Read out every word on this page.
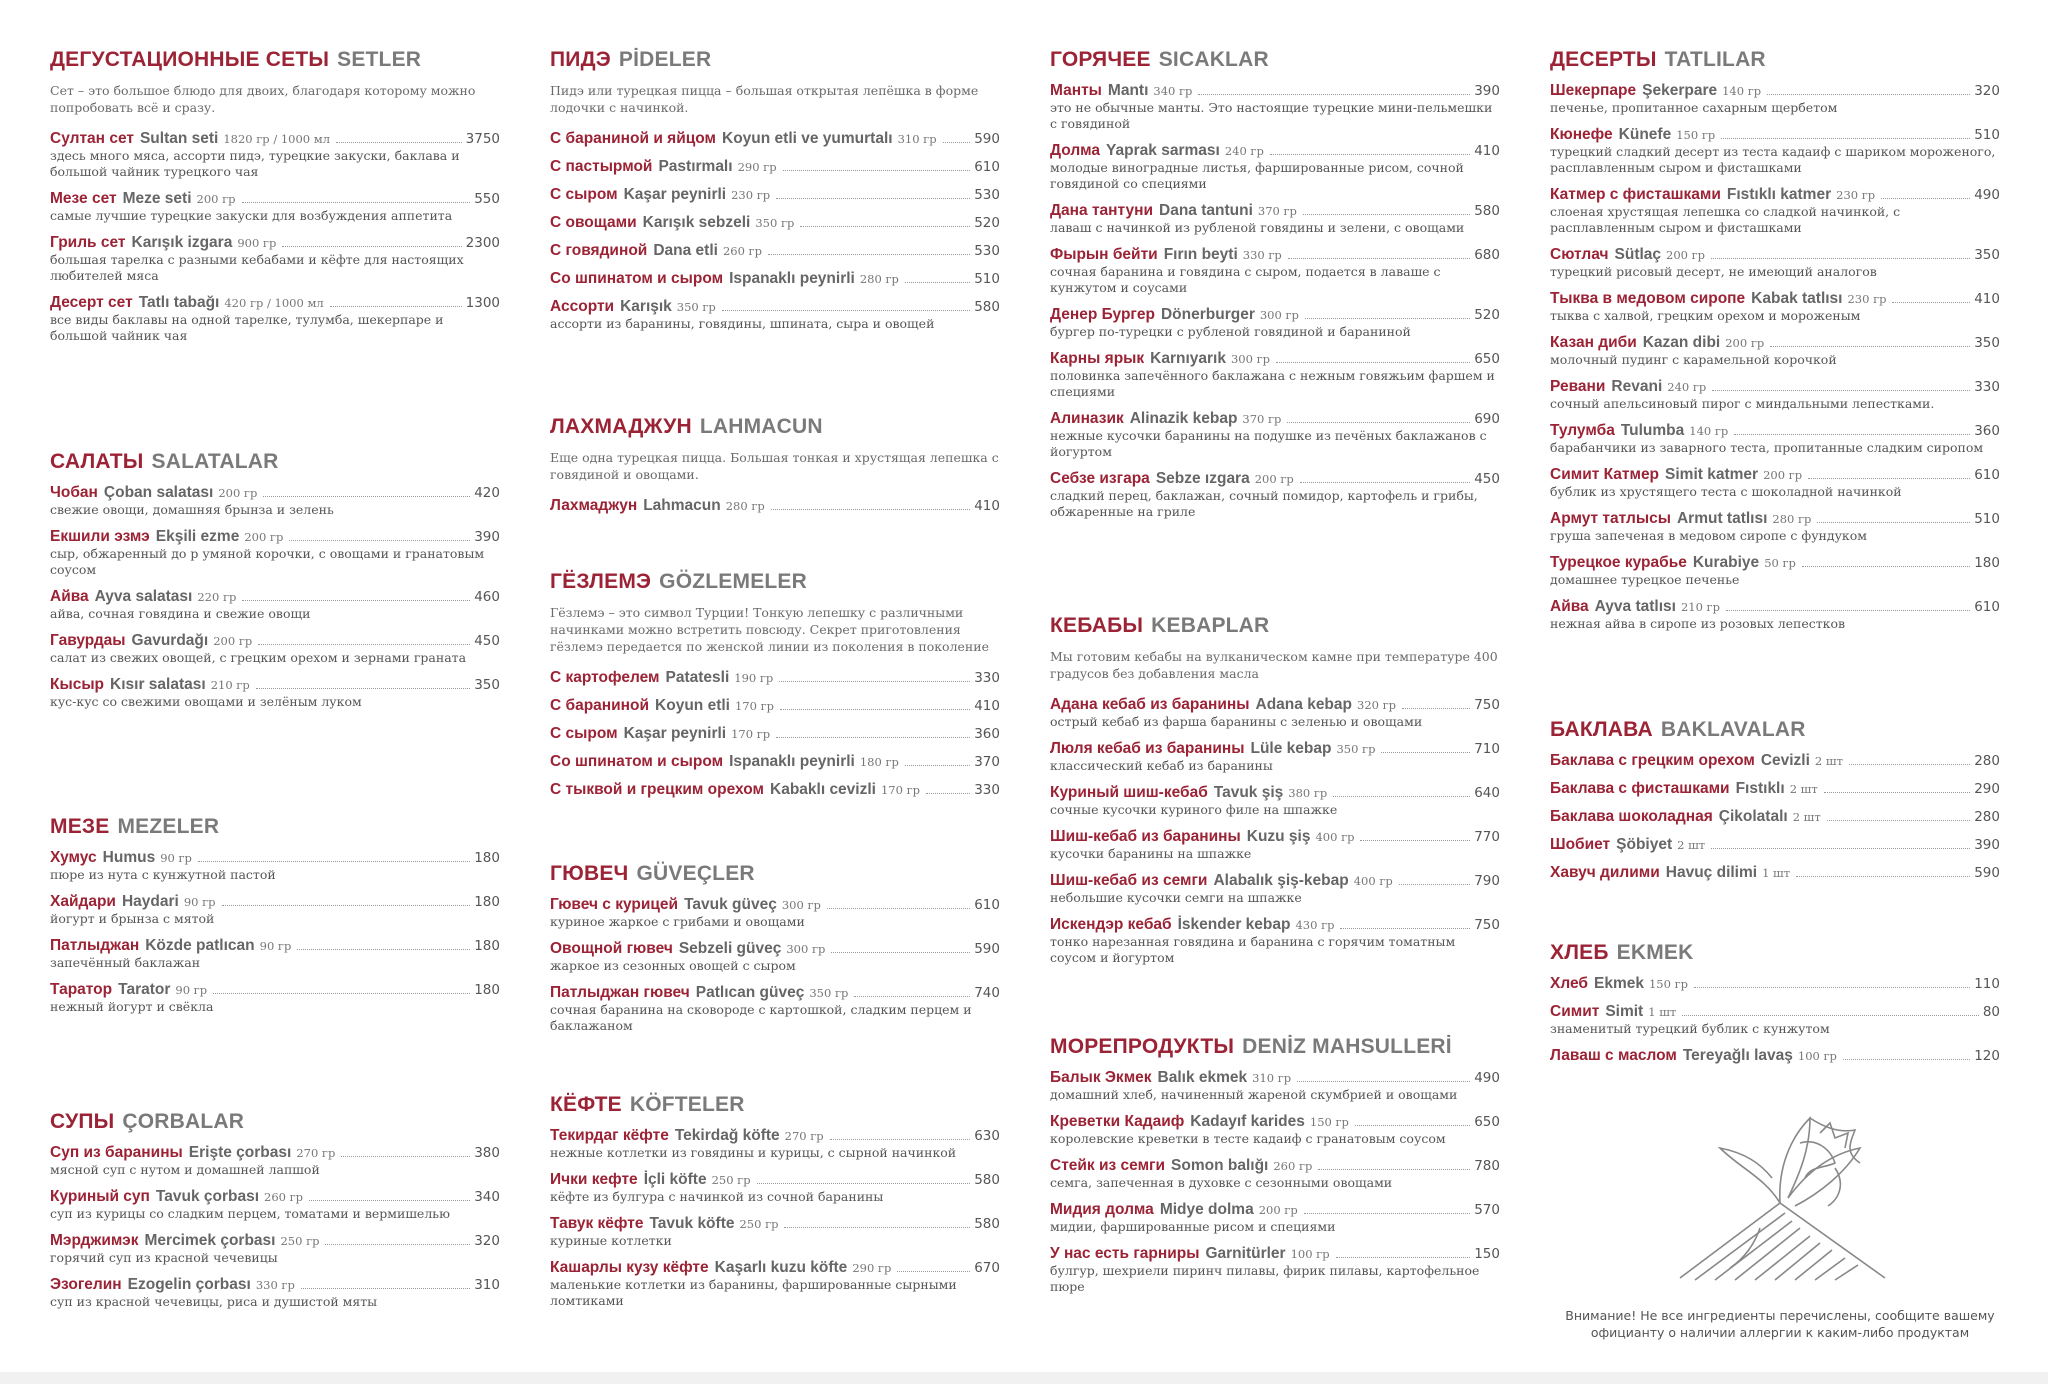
ДЕГУСТАЦИОННЫЕ СЕТЫ SETLER
Сет – это большое блюдо для двоих, благодаря которому можно попробовать всё и сразу.
Султан сет Sultan seti 1820 гр / 1000 мл	3750
здесь много мяса, ассорти пидэ, турецкие закуски, баклава и большой чайник турецкого чая
Мезе сет Meze seti 200 гр	550
самые лучшие турецкие закуски для возбуждения аппетита
Гриль сет Karışık izgara 900 гр	2300
большая тарелка с разными кебабами и кёфте для настоящих любителей мяса
Десерт сет Tatlı tabağı 420 гр / 1000 мл	1300
все виды баклавы на одной тарелке, тулумба, шекерпаре и большой чайник чая
САЛАТЫ SALATALAR
Чобан Çoban salatası 200 гр	420
свежие овощи, домашняя брынза и зелень
Екшили эзмэ Ekşili ezme 200 гр	390
сыр, обжаренный до р умяной корочки, с овощами и гранатовым соусом
Айва Ayva salatası 220 гр	460
айва, сочная говядина и свежие овощи
Гавурдаы Gavurdağı 200 гр	450
салат из свежих овощей, с грецким орехом и зернами граната
Кысыр Kısır salatası 210 гр	350
кус-кус со свежими овощами и зелёным луком
МЕЗЕ MEZELER
Хумус Humus 90 гр	180
пюре из нута с кунжутной пастой
Хайдари Haydari 90 гр	180
йогурт и брынза с мятой
Патлыджан Közde patlıcan 90 гр	180
запечённый баклажан
Таратор Tarator 90 гр	180
нежный йогурт и свёкла
СУПЫ ÇORBALAR
Суп из баранины Erişte çorbası 270 гр	380
мясной суп с нутом и домашней лапшой
Куриный суп Tavuk çorbası 260 гр	340
суп из курицы со сладким перцем, томатами и вермишелью
Мэрджимэк Mercimek çorbası 250 гр	320
горячий суп из красной чечевицы
Эзогелин Ezogelin çorbası 330 гр	310
суп из красной чечевицы, риса и душистой мяты
ПИДЭ PİDELER
Пидэ или турецкая пицца – большая открытая лепёшка в форме лодочки с начинкой.
С бараниной и яйцом Koyun etli ve yumurtalı 310 гр	590
С пастырмой Pastırmalı 290 гр	610
С сыром Kaşar peynirli 230 гр	530
С овощами Karışık sebzeli 350 гр	520
С говядиной Dana etli 260 гр	530
Со шпинатом и сыром Ispanaklı peynirli 280 гр	510
Ассорти Karışık 350 гр	580
ассорти из баранины, говядины, шпината, сыра и овощей
ЛАХМАДЖУН LAHMACUN
Еще одна турецкая пицца. Большая тонкая и хрустящая лепешка с говядиной и овощами.
Лахмаджун Lahmacun 280 гр	410
ГЁЗЛЕМЭ GÖZLEMELER
Гёзлемэ – это символ Турции! Тонкую лепешку с различными начинками можно встретить повсюду. Секрет приготовления гёзлемэ передается по женской линии из поколения в поколение
С картофелем Patatesli 190 гр	330
С бараниной Koyun etli 170 гр	410
С сыром Kaşar peynirli 170 гр	360
Со шпинатом и сыром Ispanaklı peynirli 180 гр	370
С тыквой и грецким орехом Kabaklı cevizli 170 гр	330
ГЮВЕЧ GÜVEÇLER
Гювеч с курицей Tavuk güveç 300 гр	610
куриное жаркое с грибами и овощами
Овощной гювеч Sebzeli güveç 300 гр	590
жаркое из сезонных овощей с сыром
Патлыджан гювеч Patlıcan güveç 350 гр	740
сочная баранина на сковороде с картошкой, сладким перцем и баклажаном
КЁФТЕ KÖFTELER
Текирдаг кёфте Tekirdağ köfte 270 гр	630
нежные котлетки из говядины и курицы, с сырной начинкой
Ички кефте İçli köfte 250 гр	580
кёфте из булгура с начинкой из сочной баранины
Тавук кёфте Tavuk köfte 250 гр	580
куриные котлетки
Кашарлы кузу кёфте Kaşarlı kuzu köfte 290 гр	670
маленькие котлетки из баранины, фаршированные сырными ломтиками
ГОРЯЧЕЕ SICAKLAR
Манты Mantı 340 гр	390
это не обычные манты. Это настоящие турецкие мини-пельмешки с говядиной
Долма Yaprak sarması 240 гр	410
молодые виноградные листья, фаршированные рисом, сочной говядиной со специями
Дана тантуни Dana tantuni 370 гр	580
лаваш с начинкой из рубленой говядины и зелени, с овощами
Фырын бейти Fırın beyti 330 гр	680
сочная баранина и говядина с сыром, подается в лаваше с кунжутом и соусами
Денер Бургер Dönerburger 300 гр	520
бургер по-турецки с рубленой говядиной и бараниной
Карны ярык Karnıyarık 300 гр	650
половинка запечённого баклажана с нежным говяжьим фаршем и специями
Алиназик Alinazik kebap 370 гр	690
нежные кусочки баранины на подушке из печёных баклажанов с йогуртом
Себзе изгара Sebze ızgara 200 гр	450
сладкий перец, баклажан, сочный помидор, картофель и грибы, обжаренные на гриле
КЕБАБЫ KEBAPLAR
Мы готовим кебабы на вулканическом камне при температуре 400 градусов без добавления масла
Адана кебаб из баранины Adana kebap 320 гр	750
острый кебаб из фарша баранины с зеленью и овощами
Люля кебаб из баранины Lüle kebap 350 гр	710
классический кебаб из баранины
Куриный шиш-кебаб Tavuk şiş 380 гр	640
сочные кусочки куриного филе на шпажке
Шиш-кебаб из баранины Kuzu şiş 400 гр	770
кусочки баранины на шпажке
Шиш-кебаб из семги Alabalık şiş-kebap 400 гр	790
небольшие кусочки семги на шпажке
Искендэр кебаб İskender kebap 430 гр	750
тонко нарезанная говядина и баранина с горячим томатным соусом и йогуртом
МОРЕПРОДУКТЫ DENİZ MAHSULLERİ
Балык Экмек Balık ekmek 310 гр	490
домашний хлеб, начиненный жареной скумбрией и овощами
Креветки Кадаиф Kadayıf karides 150 гр	650
королевские креветки в тесте кадаиф с гранатовым соусом
Стейк из семги Somon balığı 260 гр	780
семга, запеченная в духовке с сезонными овощами
Мидия долма Midye dolma 200 гр	570
мидии, фаршированные рисом и специями
У нас есть гарниры Garnitürler 100 гр	150
булгур, шехриели пиринч пилавы, фирик пилавы, картофельное пюре
ДЕСЕРТЫ TATLILAR
Шекерпаре Şekerpare 140 гр	320
печенье, пропитанное сахарным щербетом
Кюнефе Künefe 150 гр	510
турецкий сладкий десерт из теста кадаиф с шариком мороженого, расплавленным сыром и фисташками
Катмер с фисташками Fıstıklı katmer 230 гр	490
слоеная хрустящая лепешка со сладкой начинкой, с расплавленным сыром и фисташками
Сютлач Sütlaç 200 гр	350
турецкий рисовый десерт, не имеющий аналогов
Тыква в медовом сиропе Kabak tatlısı 230 гр	410
тыква с халвой, грецким орехом и мороженым
Казан диби Kazan dibi 200 гр	350
молочный пудинг с карамельной корочкой
Ревани Revani 240 гр	330
сочный апельсиновый пирог с миндальными лепестками.
Тулумба Tulumba 140 гр	360
барабанчики из заварного теста, пропитанные сладким сиропом
Симит Катмер Simit katmer 200 гр	610
бублик из хрустящего теста с шоколадной начинкой
Армут татлысы Armut tatlısı 280 гр	510
груша запеченая в медовом сиропе с фундуком
Турецкое курабье Kurabiye 50 гр	180
домашнее турецкое печенье
Айва Ayva tatlısı 210 гр	610
нежная айва в сиропе из розовых лепестков
БАКЛАВА BAKLAVALAR
Баклава с грецким орехом Cevizli 2 шт	280
Баклава с фисташками Fıstıklı 2 шт	290
Баклава шоколадная Çikolatalı 2 шт	280
Шобиет Şöbiyet 2 шт	390
Хавуч дилими Havuç dilimi 1 шт	590
ХЛЕБ EKMEK
Хлеб Ekmek 150 гр	110
Симит Simit 1 шт	80
знаменитый турецкий бублик с кунжутом
Лаваш с маслом Tereyağlı lavaş 100 гр	120
Внимание! Не все ингредиенты перечислены, сообщите вашему официанту о наличии аллергии к каким-либо продуктам
